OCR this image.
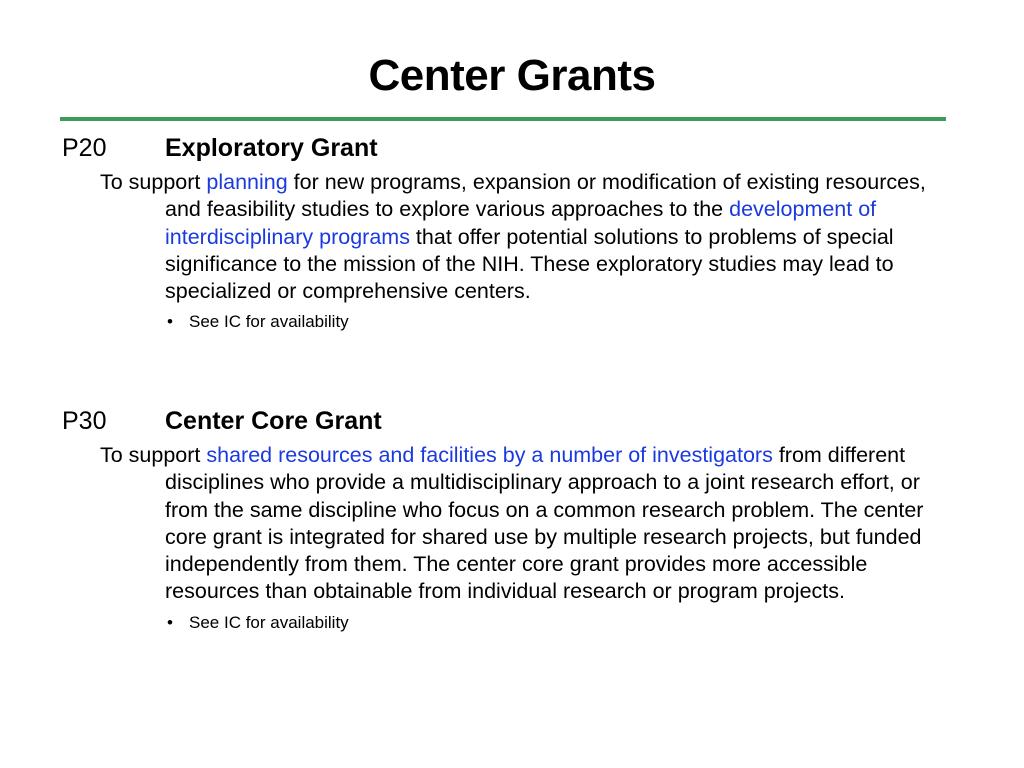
Center Grants
P20 Exploratory Grant

To support planning for new programs, expansion or modification of existing resources, and feasibility studies to explore various approaches to the development of interdisciplinary programs that offer potential solutions to problems of special significance to the mission of the NIH. These exploratory studies may lead to specialized or comprehensive centers.

• See IC for availability
P30 Center Core Grant

To support shared resources and facilities by a number of investigators from different disciplines who provide a multidisciplinary approach to a joint research effort, or from the same discipline who focus on a common research problem. The center core grant is integrated for shared use by multiple research projects, but funded independently from them. The center core grant provides more accessible resources than obtainable from individual research or program projects.

• See IC for availability
